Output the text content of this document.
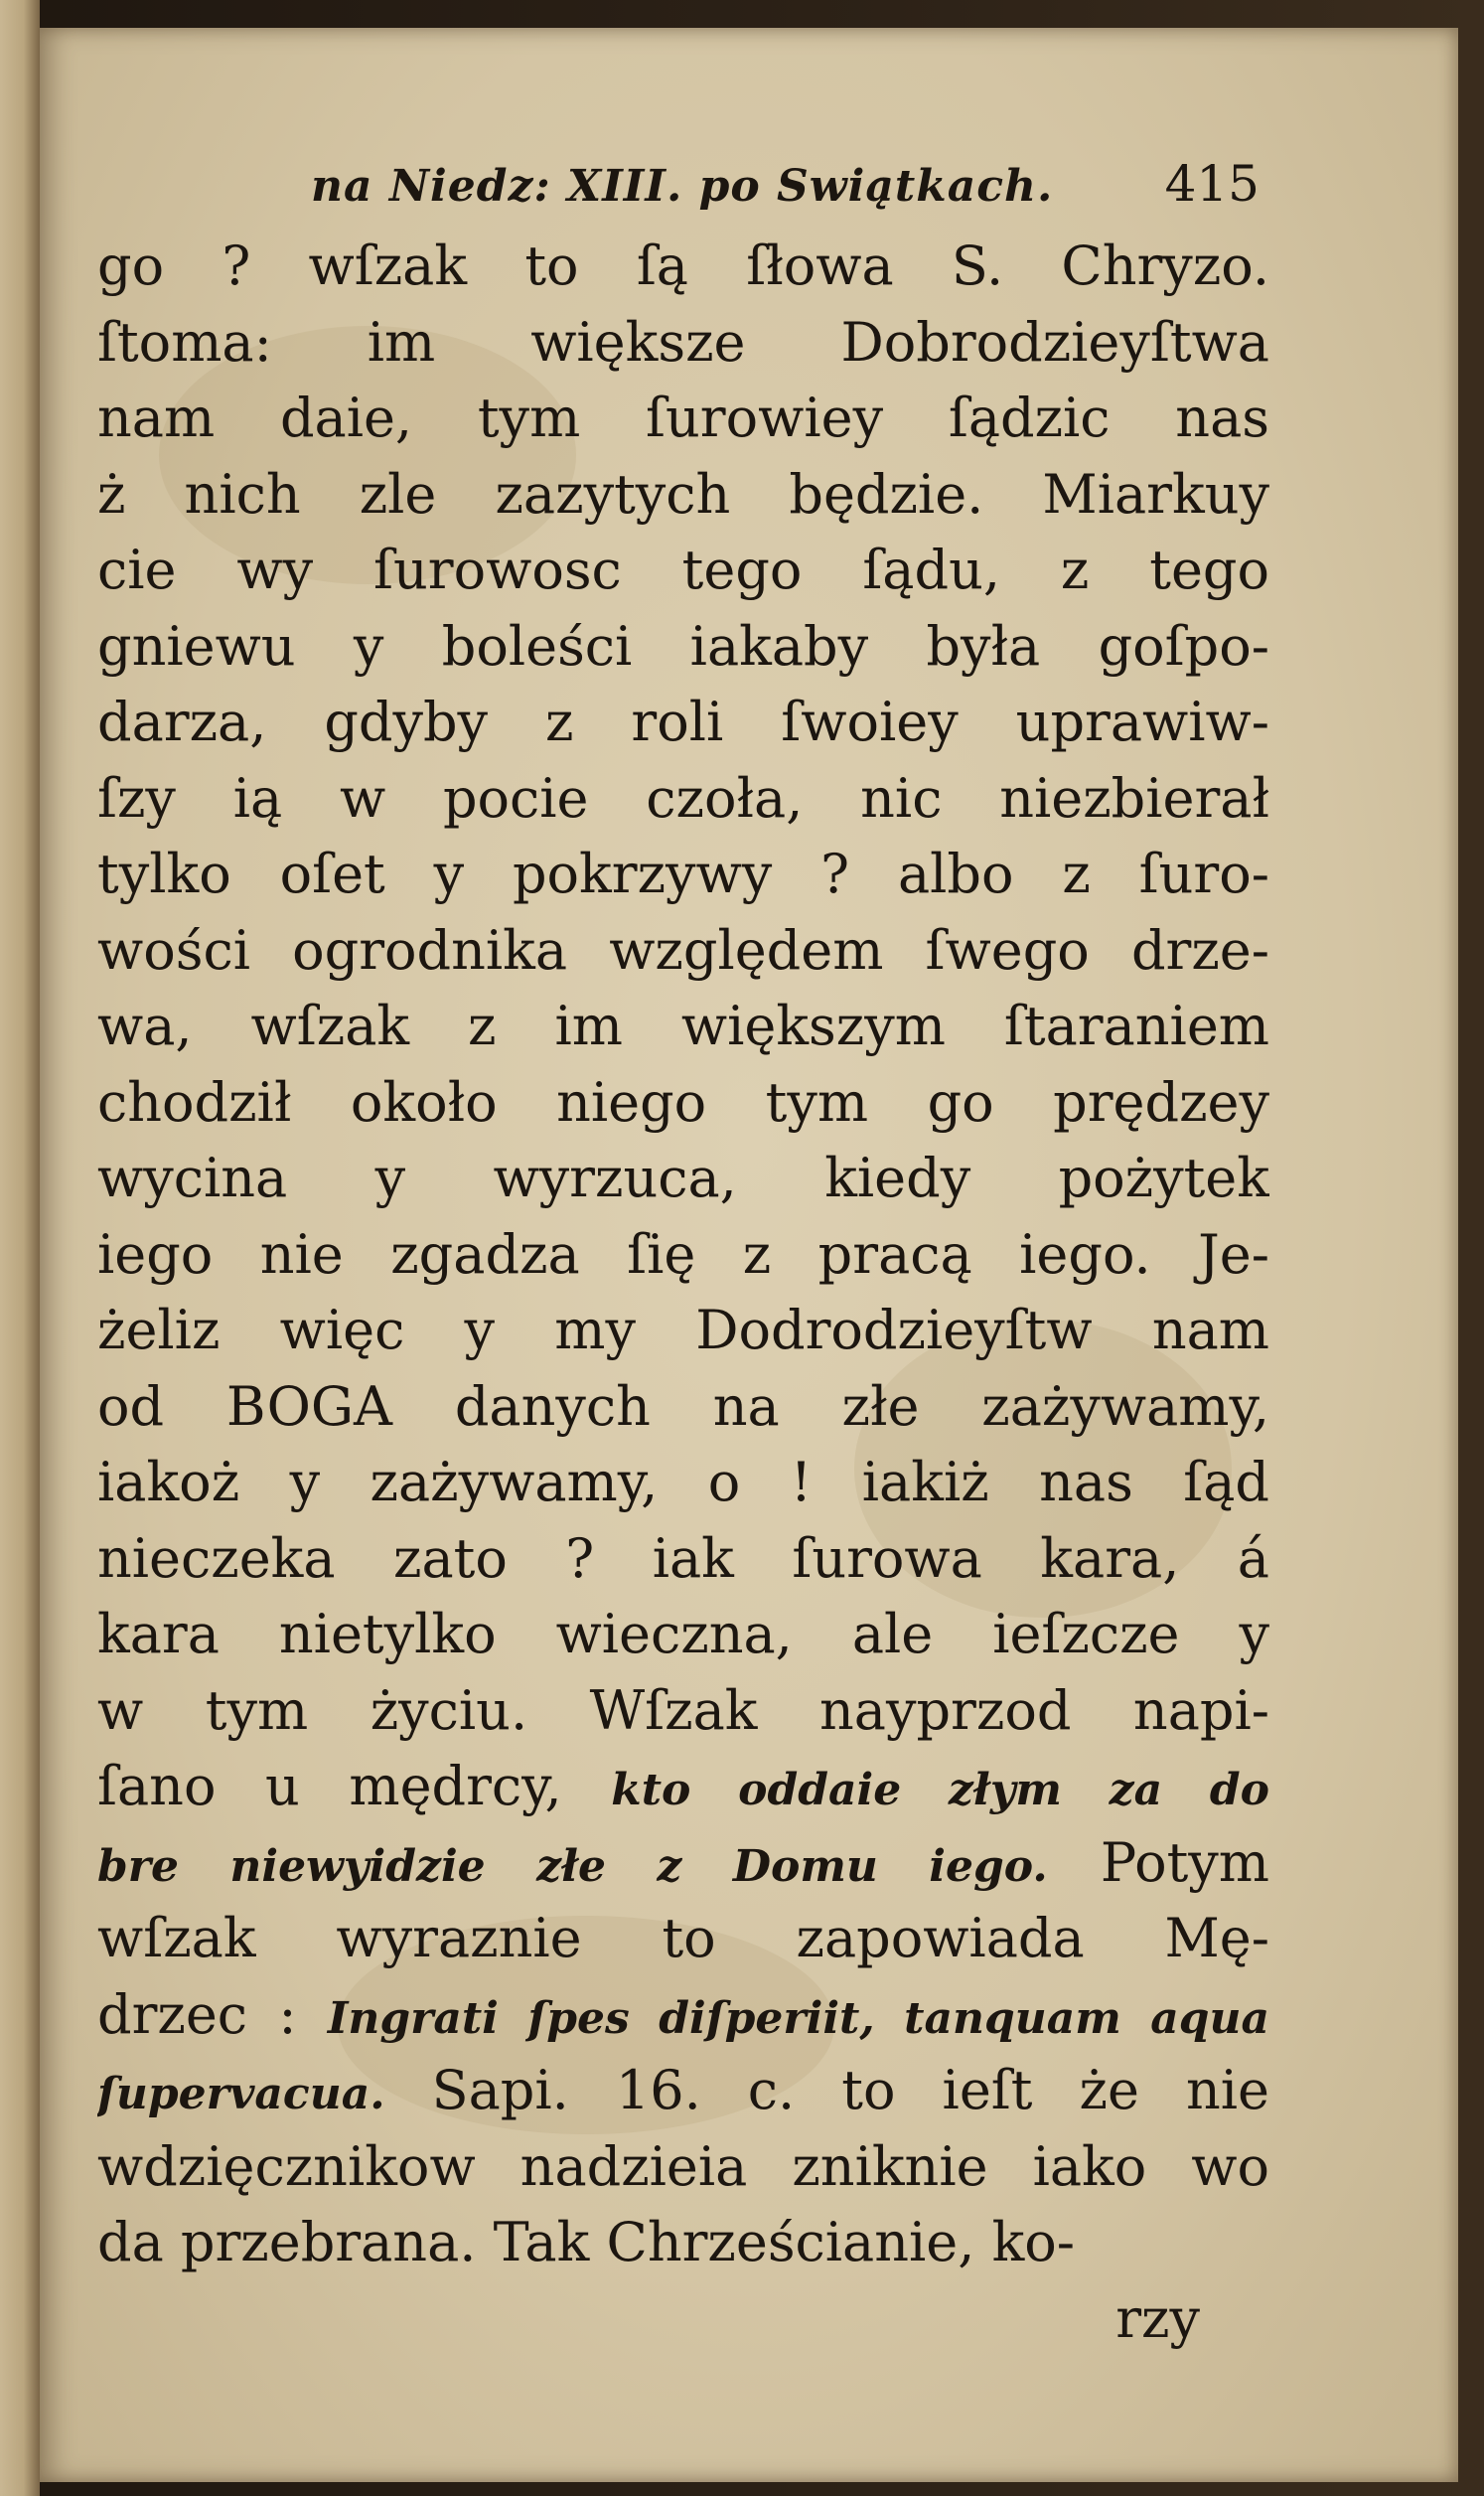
na Niedz: XIII. po Swiątkach. 415
go ? wſzak to ſą ſłowa S. Chryzo.
ſtoma: im większe Dobrodzieyſtwa
nam daie, tym ſurowiey ſądzic nas
ż nich zle zazytych będzie. Miarkuy
cie wy ſurowosc tego ſądu, z tego
gniewu y boleści iakaby była goſpo-
darza, gdyby z roli ſwoiey uprawiw-
ſzy ią w pocie czoła, nic niezbierał
tylko oſet y pokrzywy ? albo z ſuro-
wości ogrodnika względem ſwego drze-
wa, wſzak z im większym ſtaraniem
chodził około niego tym go prędzey
wycina y wyrzuca, kiedy pożytek
iego nie zgadza ſię z pracą iego. Je-
żeliz więc y my Dodrodzieyſtw nam
od BOGA danych na złe zażywamy,
iakoż y zażywamy, o ! iakiż nas ſąd
nieczeka zato ? iak ſurowa kara, á
kara nietylko wieczna, ale ieſzcze y
w tym życiu. Wſzak nayprzod napi-
ſano u mędrcy, kto oddaie złym za do
bre niewyidzie złe z Domu iego. Potym
wſzak wyraznie to zapowiada Mę-
drzec : Ingrati ſpes diſperiit, tanquam aqua
ſupervacua. Sapi. 16. c. to ieſt że nie
wdzięcznikow nadzieia zniknie iako wo
da przebrana. Tak Chrześcianie, ko-
rzy
